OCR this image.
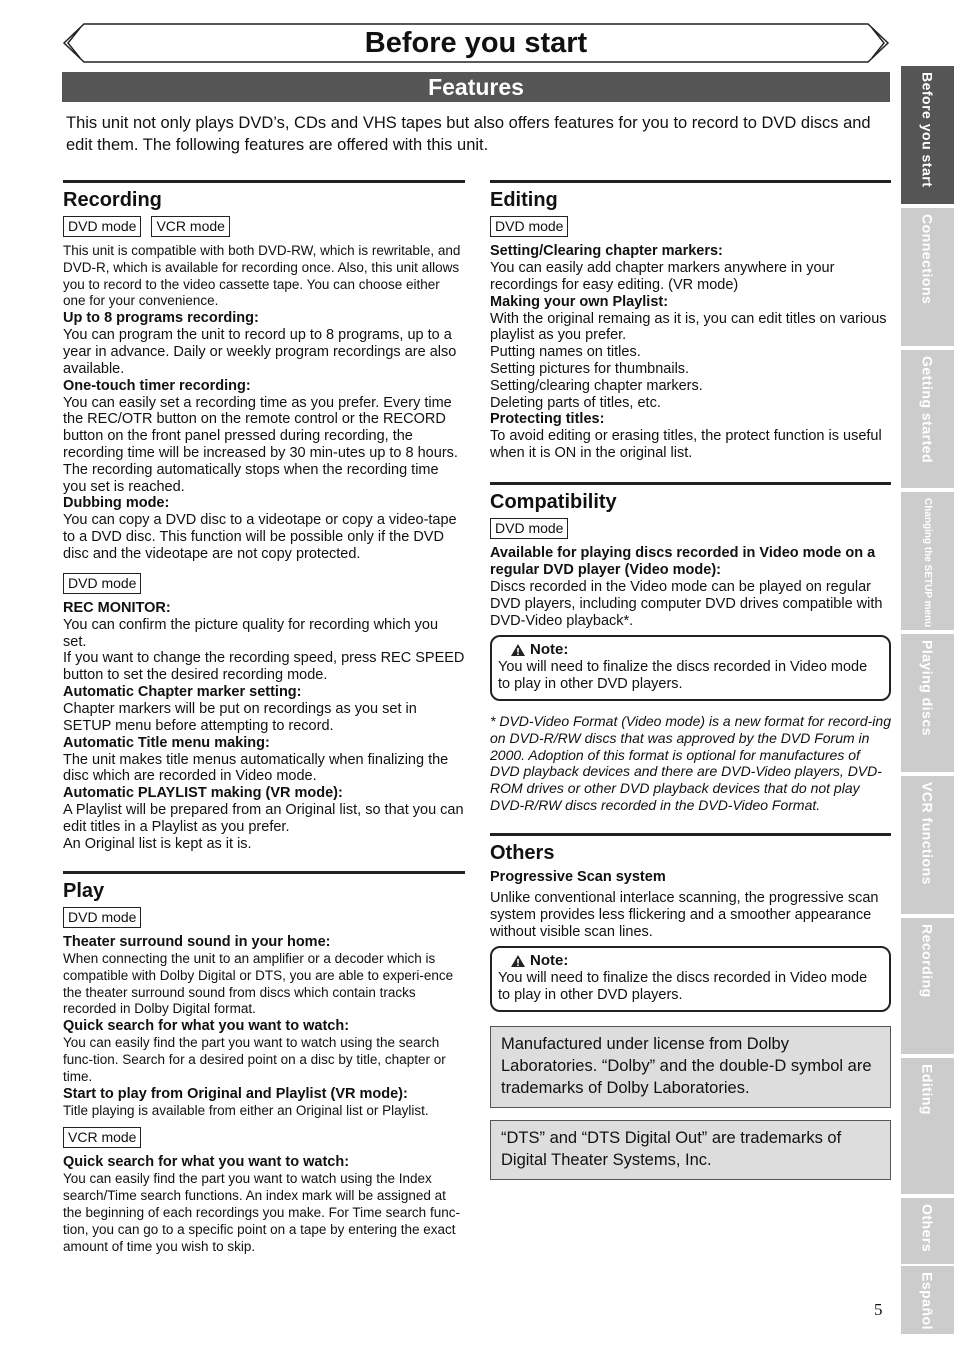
Before you start
Features
This unit not only plays DVD’s, CDs and VHS tapes but also offers features for you to record to DVD discs and edit them. The following features are offered with this unit.
Recording
DVD mode	VCR mode
This unit is compatible with both DVD-RW, which is rewritable, and DVD-R, which is available for recording once. Also, this unit allows you to record to the video cassette tape. You can choose either one for your convenience.
Up to 8 programs recording:
You can program the unit to record up to 8 programs, up to a year in advance. Daily or weekly program recordings are also available.
One-touch timer recording:
You can easily set a recording time as you prefer. Every time the REC/OTR button on the remote control or the RECORD button on the front panel pressed during recording, the recording time will be increased by 30 min-utes up to 8 hours. The recording automatically stops when the recording time you set is reached.
Dubbing mode:
You can copy a DVD disc to a videotape or copy a video-tape to a DVD disc. This function will be possible only if the DVD disc and the videotape are not copy protected.
DVD mode
REC MONITOR:
You can confirm the picture quality for recording which you set.
If you want to change the recording speed, press REC SPEED button to set the desired recording mode.
Automatic Chapter marker setting:
Chapter markers will be put on recordings as you set in SETUP menu before attempting to record.
Automatic Title menu making:
The unit makes title menus automatically when finalizing the disc which are recorded in Video mode.
Automatic PLAYLIST making (VR mode):
A Playlist will be prepared from an Original list, so that you can edit titles in a Playlist as you prefer.
An Original list is kept as it is.
Play
DVD mode
Theater surround sound in your home:
When connecting the unit to an amplifier or a decoder which is compatible with Dolby Digital or DTS, you are able to experi-ence the theater surround sound from discs which contain tracks recorded in Dolby Digital format.
Quick search for what you want to watch:
You can easily find the part you want to watch using the search func-tion. Search for a desired point on a disc by title, chapter or time.
Start to play from Original and Playlist (VR mode):
Title playing is available from either an Original list or Playlist.
VCR mode
Quick search for what you want to watch:
You can easily find the part you want to watch using the Index search/Time search functions. An index mark will be assigned at the beginning of each recordings you make. For Time search func-tion, you can go to a specific point on a tape by entering the exact amount of time you wish to skip.
Editing
DVD mode
Setting/Clearing chapter markers:
You can easily add chapter markers anywhere in your recordings for easy editing. (VR mode)
Making your own Playlist:
With the original remaing as it is, you can edit titles on various playlist as you prefer.
Putting names on titles.
Setting pictures for thumbnails.
Setting/clearing chapter markers.
Deleting parts of titles, etc.
Protecting titles:
To avoid editing or erasing titles, the protect function is useful when it is ON in the original list.
Compatibility
DVD mode
Available for playing discs recorded in Video mode on a regular DVD player (Video mode):
Discs recorded in the Video mode can be played on regular DVD players, including computer DVD drives compatible with DVD-Video playback*.
Note:
You will need to finalize the discs recorded in Video mode to play in other DVD players.
* DVD-Video Format (Video mode) is a new format for record-ing on DVD-R/RW discs that was approved by the DVD Forum in 2000. Adoption of this format is optional for manufactures of DVD playback devices and there are DVD-Video players, DVD-ROM drives or other DVD playback devices that do not play DVD-R/RW discs recorded in the DVD-Video Format.
Others
Progressive Scan system
Unlike conventional interlace scanning, the progressive scan system provides less flickering and a smoother appearance without visible scan lines.
Note:
You will need to finalize the discs recorded in Video mode to play in other DVD players.
Manufactured under license from Dolby Laboratories. “Dolby” and the double-D symbol are trademarks of Dolby Laboratories.
“DTS” and “DTS Digital Out” are trademarks of Digital Theater Systems, Inc.
Before you start
Connections
Getting started
Changing the SETUP menu
Playing discs
VCR functions
Recording
Editing
Others
Español
5
